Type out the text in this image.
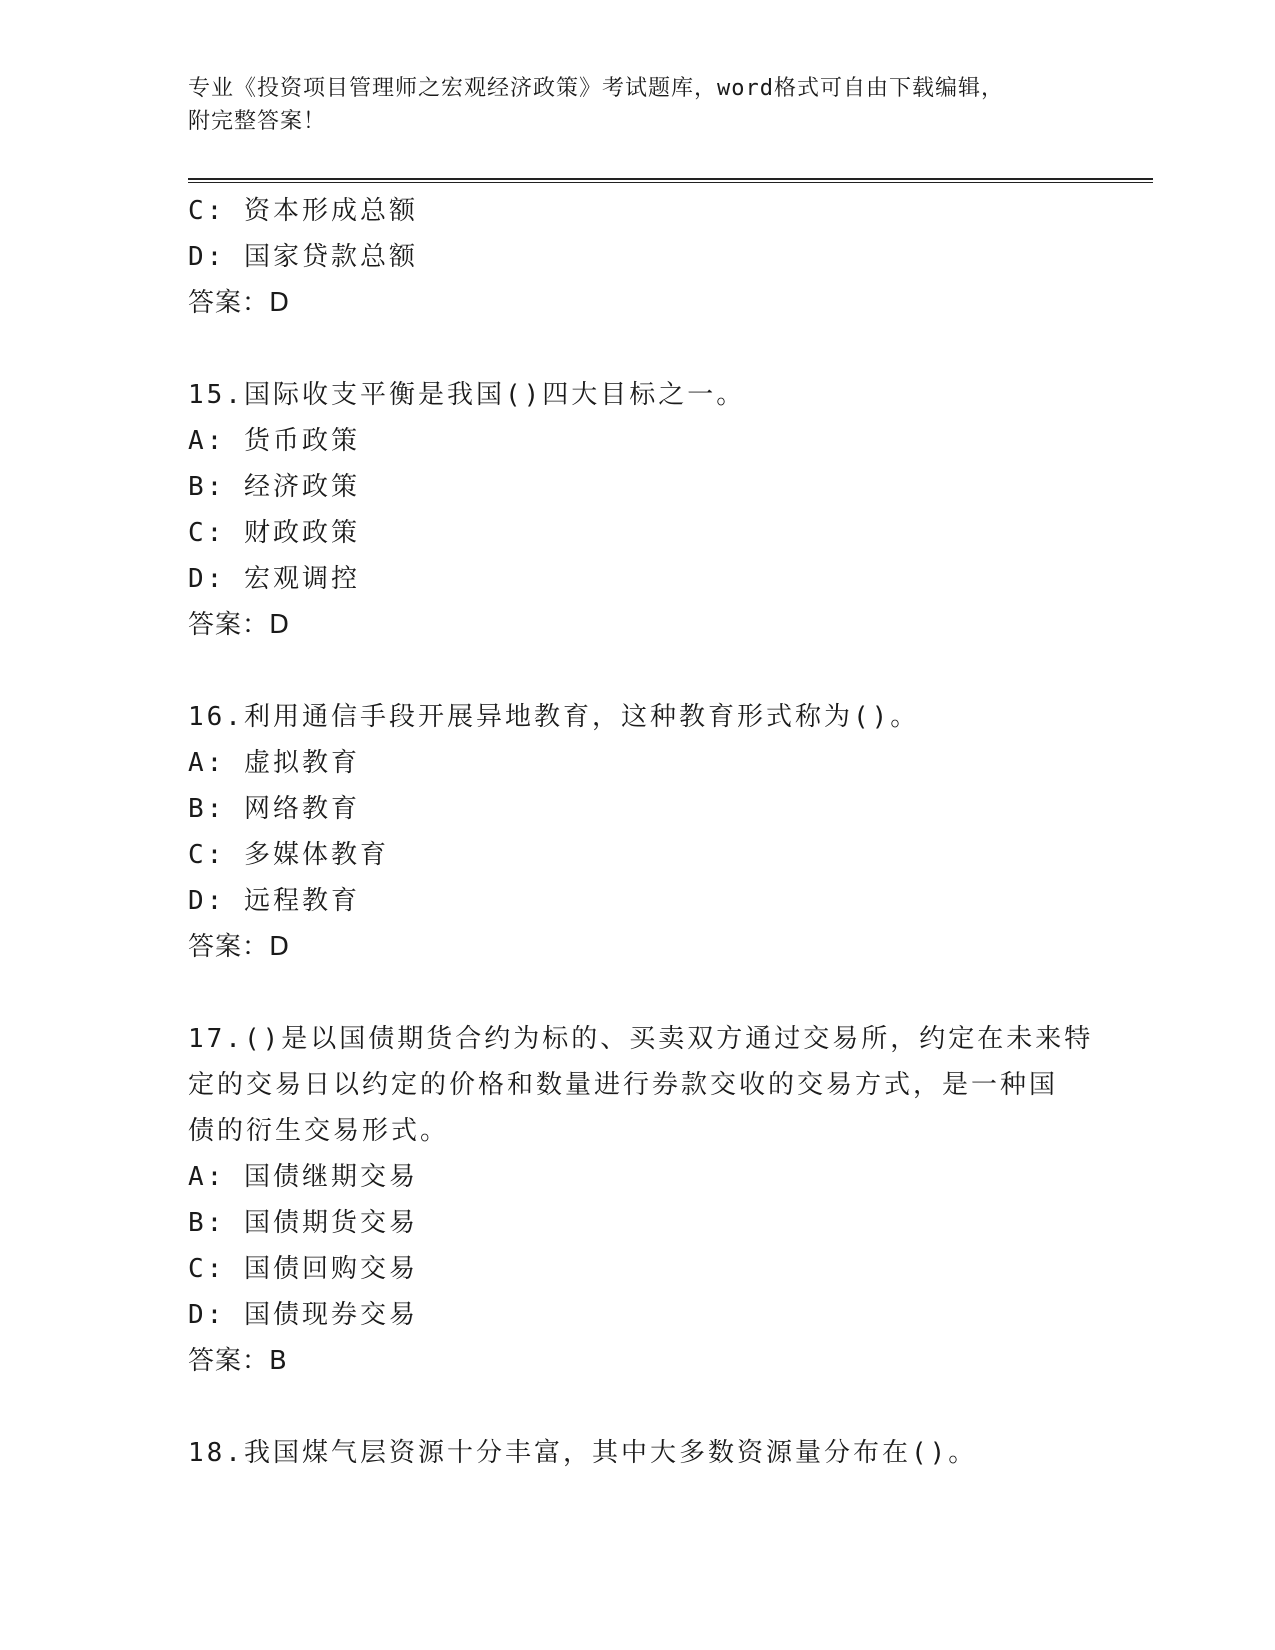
专业《投资项目管理师之宏观经济政策》考试题库，word格式可自由下载编辑，
附完整答案！
C: 资本形成总额
D: 国家贷款总额
答案：D
15.国际收支平衡是我国()四大目标之一。
A: 货币政策
B: 经济政策
C: 财政政策
D: 宏观调控
答案：D
16.利用通信手段开展异地教育，这种教育形式称为()。
A: 虚拟教育
B: 网络教育
C: 多媒体教育
D: 远程教育
答案：D
17.()是以国债期货合约为标的、买卖双方通过交易所，约定在未来特
定的交易日以约定的价格和数量进行券款交收的交易方式，是一种国
债的衍生交易形式。
A: 国债继期交易
B: 国债期货交易
C: 国债回购交易
D: 国债现券交易
答案：B
18.我国煤气层资源十分丰富，其中大多数资源量分布在()。
